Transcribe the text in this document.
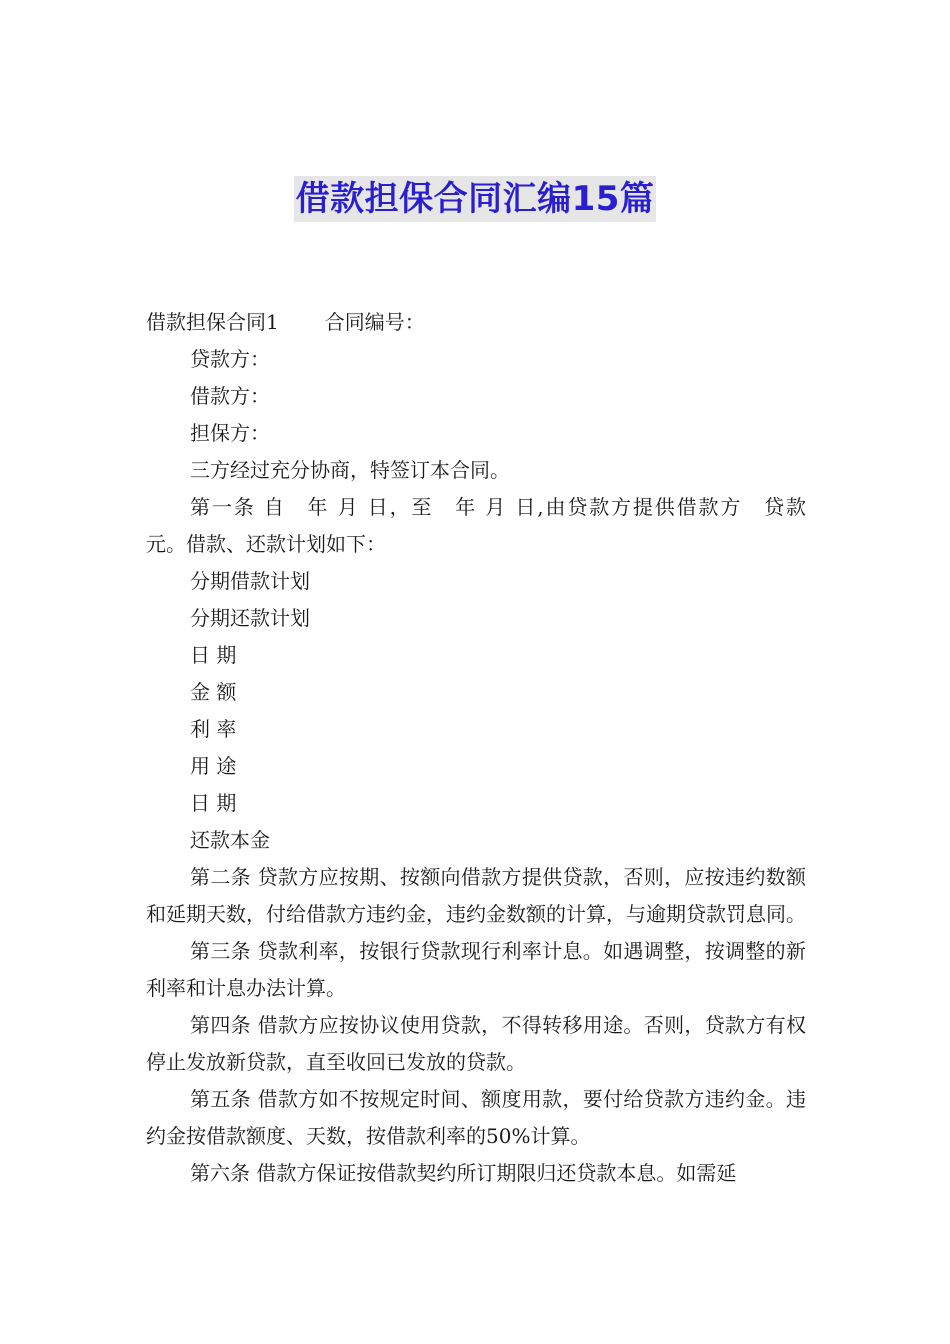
借款担保合同汇编15篇

借款担保合同1 合同编号：

贷款方：

借款方：

担保方：

三方经过充分协商，特签订本合同。

第一条 自　年 月 日，至　年 月 日,由贷款方提供借款方　贷款　元。借款、还款计划如下：

分期借款计划

分期还款计划

日 期

金 额

利 率

用 途

日 期

还款本金

第二条 贷款方应按期、按额向借款方提供贷款，否则，应按违约数额和延期天数，付给借款方违约金，违约金数额的计算，与逾期贷款罚息同。

第三条 贷款利率，按银行贷款现行利率计息。如遇调整，按调整的新利率和计息办法计算。

第四条 借款方应按协议使用贷款，不得转移用途。否则，贷款方有权停止发放新贷款，直至收回已发放的贷款。

第五条 借款方如不按规定时间、额度用款，要付给贷款方违约金。违约金按借款额度、天数，按借款利率的50%计算。

第六条 借款方保证按借款契约所订期限归还贷款本息。如需延
